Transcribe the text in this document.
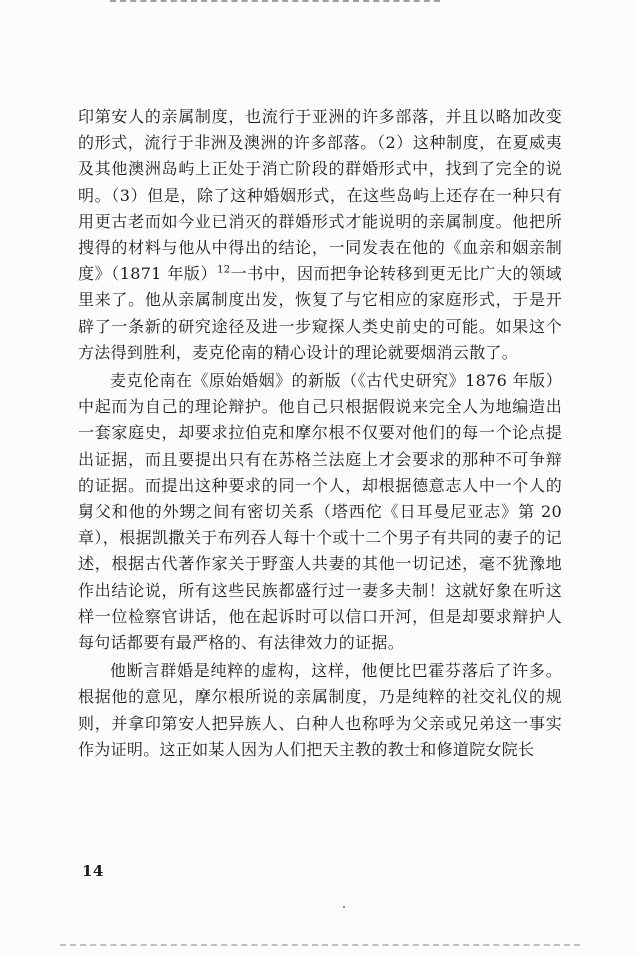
印第安人的亲属制度，也流行于亚洲的许多部落，并且以略加改变的形式，流行于非洲及澳洲的许多部落。（2）这种制度，在夏威夷及其他澳洲岛屿上正处于消亡阶段的群婚形式中，找到了完全的说明。（3）但是，除了这种婚姻形式，在这些岛屿上还存在一种只有用更古老而如今业已消灭的群婚形式才能说明的亲属制度。他把所搜得的材料与他从中得出的结论，一同发表在他的《血亲和姻亲制度》（1871 年版）$^{12}$一书中，因而把争论转移到更无比广大的领域里来了。他从亲属制度出发，恢复了与它相应的家庭形式，于是开辟了一条新的研究途径及进一步窥探人类史前史的可能。如果这个方法得到胜利，麦克伦南的精心设计的理论就要烟消云散了。

麦克伦南在《原始婚姻》的新版（《古代史研究》1876 年版）中起而为自己的理论辩护。他自己只根据假说来完全人为地编造出一套家庭史，却要求拉伯克和摩尔根不仅要对他们的每一个论点提出证据，而且要提出只有在苏格兰法庭上才会要求的那种不可争辩的证据。而提出这种要求的同一个人，却根据德意志人中一个人的舅父和他的外甥之间有密切关系（塔西佗《日耳曼尼亚志》第 20 章），根据凯撒关于布列吞人每十个或十二个男子有共同的妻子的记述，根据古代著作家关于野蛮人共妻的其他一切记述，毫不犹豫地作出结论说，所有这些民族都盛行过一妻多夫制！这就好象在听这样一位检察官讲话，他在起诉时可以信口开河，但是却要求辩护人每句话都要有最严格的、有法律效力的证据。

他断言群婚是纯粹的虚构，这样，他便比巴霍芬落后了许多。根据他的意见，摩尔根所说的亲属制度，乃是纯粹的社交礼仪的规则，并拿印第安人把异族人、白种人也称呼为父亲或兄弟这一事实作为证明。这正如某人因为人们把天主教的教士和修道院女院长

14
